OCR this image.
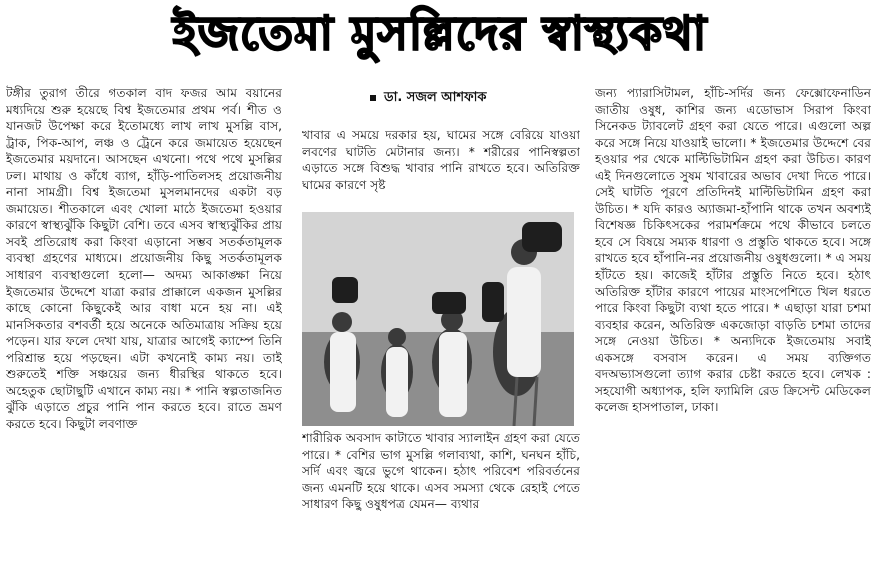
ইজতেমা মুসল্লিদের স্বাস্থ্যকথা
টঙ্গীর তুরাগ তীরে গতকাল বাদ ফজর আম বয়ানের মধ্যদিয়ে শুরু হয়েছে বিশ্ব ইজতেমার প্রথম পর্ব। শীত ও যানজট উপেক্ষা করে ইতোমধ্যে লাখ লাখ মুসল্লি বাস, ট্রাক, পিক-আপ, লঞ্চ ও ট্রেনে করে জমায়েত হয়েছেন ইজতেমার ময়দানে। আসছেন এখনো। পথে পথে মুসল্লির ঢল। মাথায় ও কাঁধে ব্যাগ, হাঁড়ি-পাতিলসহ প্রয়োজনীয় নানা সামগ্রী। বিশ্ব ইজতেমা মুসলমানদের একটা বড় জমায়েত। শীতকালে এবং খোলা মাঠে ইজতেমা হওয়ার কারণে স্বাস্থ্যঝুঁকি কিছুটা বেশি। তবে এসব স্বাস্থ্যঝুঁকির প্রায় সবই প্রতিরোধ করা কিংবা এড়ানো সম্ভব সতর্কতামূলক ব্যবস্থা গ্রহণের মাধ্যমে। প্রয়োজনীয় কিছু সতর্কতামূলক সাধারণ ব্যবস্থাগুলো হলো— অদম্য আকাঙ্ক্ষা নিয়ে ইজতেমার উদ্দেশে যাত্রা করার প্রাক্কালে একজন মুসল্লির কাছে কোনো কিছুকেই আর বাধা মনে হয় না। এই মানসিকতার বশবর্তী হয়ে অনেকে অতিমাত্রায় সক্রিয় হয়ে পড়েন। যার ফলে দেখা যায়, যাত্রার আগেই ক্যাম্পে তিনি পরিশ্রান্ত হয়ে পড়ছেন। এটা কখনোই কাম্য নয়। তাই শুরুতেই শক্তি সঞ্চয়ের জন্য ধীরস্থির থাকতে হবে। অহেতুক ছোটাছুটি এখানে কাম্য নয়। * পানি স্বল্পতাজনিত ঝুঁকি এড়াতে প্রচুর পানি পান করতে হবে। রাতে ভ্রমণ করতে হবে। কিছুটা লবণাক্ত
ডা. সজল আশফাক
খাবার এ সময়ে দরকার হয়, ঘামের সঙ্গে বেরিয়ে যাওয়া লবণের ঘাটতি মেটানার জন্য। * শরীরের পানিস্বল্পতা এড়াতে সঙ্গে বিশুদ্ধ খাবার পানি রাখতে হবে। অতিরিক্ত ঘামের কারণে সৃষ্ট
শারীরিক অবসাদ কাটাতে খাবার স্যালাইন গ্রহণ করা যেতে পারে। * বেশির ভাগ মুসল্লি গলাব্যথা, কাশি, ঘনঘন হাঁচি, সর্দি এবং জ্বরে ভুগে থাকেন। হঠাৎ পরিবেশ পরিবর্তনের জন্য এমনটি হয়ে থাকে। এসব সমস্যা থেকে রেহাই পেতে সাধারণ কিছু ওষুধপত্র যেমন— ব্যথার
জন্য প্যারাসিটামল, হাঁচি-সর্দির জন্য ফেক্সোফেনাডিন জাতীয় ওষুধ, কাশির জন্য এডোভাস সিরাপ কিংবা সিনেকড ট্যাবলেট গ্রহণ করা যেতে পারে। এগুলো অল্প করে সঙ্গে নিয়ে যাওয়াই ভালো। * ইজতেমার উদ্দেশে বের হওয়ার পর থেকে মাল্টিভিটামিন গ্রহণ করা উচিত। কারণ এই দিনগুলোতে সুষম খাবারের অভাব দেখা দিতে পারে। সেই ঘাটতি পূরণে প্রতিদিনই মাল্টিভিটামিন গ্রহণ করা উচিত। * যদি কারও অ্যাজমা-হাঁপানি থাকে তখন অবশ্যই বিশেষজ্ঞ চিকিৎসকের পরামর্শক্রমে পথে কীভাবে চলতে হবে সে বিষয়ে সম্যক ধারণা ও প্রস্তুতি থাকতে হবে। সঙ্গে রাখতে হবে হাঁপানি-নর প্রয়োজনীয় ওষুধগুলো। * এ সময় হাঁটতে হয়। কাজেই হাঁটার প্রস্তুতি নিতে হবে। হঠাৎ অতিরিক্ত হাঁটার কারণে পায়ের মাংসপেশিতে খিল ধরতে পারে কিংবা কিছুটা ব্যথা হতে পারে। * এছাড়া যারা চশমা ব্যবহার করেন, অতিরিক্ত একজোড়া বাড়তি চশমা তাদের সঙ্গে নেওয়া উচিত। * অন্যদিকে ইজতেমায় সবাই একসঙ্গে বসবাস করেন। এ সময় ব্যক্তিগত বদঅভ্যাসগুলো ত্যাগ করার চেষ্টা করতে হবে। লেখক : সহযোগী অধ্যাপক, হলি ফ্যামিলি রেড ক্রিসেন্ট মেডিকেল কলেজ হাসপাতাল, ঢাকা।
